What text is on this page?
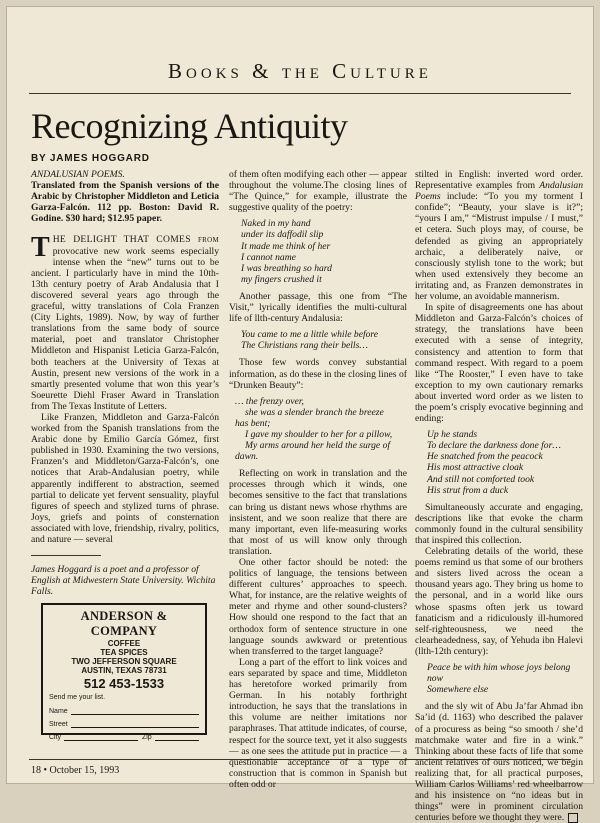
Books & the Culture
Recognizing Antiquity
BY JAMES HOGGARD

ANDALUSIAN POEMS.

Translated from the Spanish versions of the Arabic by Christopher Middleton and Leticia Garza-Falcón. 112 pp. Boston: David R. Godine. $30 hard; $12.95 paper.

THE DELIGHT THAT COMES from provocative new work seems especially intense when the “new” turns out to be ancient. I particularly have in mind the 10th-13th century poetry of Arab Andalusia that I discovered several years ago through the graceful, witty translations of Cola Franzen (City Lights, 1989). Now, by way of further translations from the same body of source material, poet and translator Christopher Middleton and Hispanist Leticia Garza-Falcón, both teachers at the University of Texas at Austin, present new versions of the work in a smartly presented volume that won this year’s Soeurette Diehl Fraser Award in Translation from The Texas Institute of Letters.

Like Franzen, Middleton and Garza-Falcón worked from the Spanish translations from the Arabic done by Emilio García Gómez, first published in 1930. Examining the two versions, Franzen’s and Middleton/Garza-Falcón’s, one notices that Arab-Andalusian poetry, while apparently indifferent to abstraction, seemed partial to delicate yet fervent sensuality, playful figures of speech and stylized turns of phrase. Joys, griefs and points of consternation associated with love, friendship, rivalry, politics, and nature — several

James Hoggard is a poet and a professor of English at Midwestern State University. Wichita Falls.

ANDERSON & COMPANY
COFFEE
TEA SPICES
TWO JEFFERSON SQUARE
AUSTIN, TEXAS 78731
512 453-1533
Send me your list.
Name
Street
City	Zip

of them often modifying each other — appear throughout the volume.The closing lines of “The Quince,” for example, illustrate the suggestive quality of the poetry:

Naked in my hand
under its daffodil slip
It made me think of her
I cannot name
I was breathing so hard
my fingers crushed it

Another passage, this one from “The Visit,” lyrically identifies the multi-cultural life of llth-century Andalusia:

You came to me a little while before
The Christians rang their bells…

Those few words convey substantial information, as do these in the closing lines of “Drunken Beauty”:

… the frenzy over,
she was a slender branch the breeze
has bent;
I gave my shoulder to her for a pillow,
My arms around her held the surge of
dawn.

Reflecting on work in translation and the processes through which it winds, one becomes sensitive to the fact that translations can bring us distant news whose rhythms are insistent, and we soon realize that there are many important, even life-measuring works that most of us will know only through translation.

One other factor should be noted: the politics of language, the tensions between different cultures’ approaches to speech. What, for instance, are the relative weights of meter and rhyme and other sound-clusters? How should one respond to the fact that an orthodox form of sentence structure in one language sounds awkward or pretentious when transferred to the target language?

Long a part of the effort to link voices and ears separated by space and time, Middleton has heretofore worked primarily from German. In his notably forthright introduction, he says that the translations in this volume are neither imitations nor paraphrases. That attitude indicates, of course, respect for the source text, yet it also suggests — as one sees the attitude put in practice — a questionable acceptance of a type of construction that is common in Spanish but often odd or

stilted in English: inverted word order. Representative examples from Andalusian Poems include: “To you my torment I confide”; “Beauty, your slave is it?”; “yours I am,” “Mistrust impulse / I must,” et cetera. Such ploys may, of course, be defended as giving an appropriately archaic, a deliberately naive, or consciously stylish tone to the work; but when used extensively they become an irritating and, as Franzen demonstrates in her volume, an avoidable mannerism.

In spite of disagreements one has about Middleton and Garza-Falcón’s choices of strategy, the translations have been executed with a sense of integrity, consistency and attention to form that command respect. With regard to a poem like “The Rooster,” I even have to take exception to my own cautionary remarks about inverted word order as we listen to the poem’s crisply evocative beginning and ending:

Up he stands
To declare the darkness done for…
He snatched from the peacock
His most attractive cloak
And still not comforted took
His strut from a duck

Simultaneously accurate and engaging, descriptions like that evoke the charm commonly found in the cultural sensibility that inspired this collection.

Celebrating details of the world, these poems remind us that some of our brothers and sisters lived across the ocean a thousand years ago. They bring us home to the personal, and in a world like ours whose spasms often jerk us toward fanaticism and a ridiculously ill-humored self-righteousness, we need the clearheadedness, say, of Yehuda ibn Halevi (llth-12th century):

Peace be with him whose joys belong now
Somewhere else

and the sly wit of Abu Ja’far Ahmad ibn Sa’id (d. 1163) who described the palaver of a procuress as being “so smooth / she’d matchmake water and fire in a wink.” Thinking about these facts of life that some ancient relatives of ours noticed, we begin realizing that, for all practical purposes, William Carlos Williams’ red wheelbarrow and his insistence on “no ideas but in things” were in prominent circulation centuries before we thought they were.

18 • October 15, 1993
